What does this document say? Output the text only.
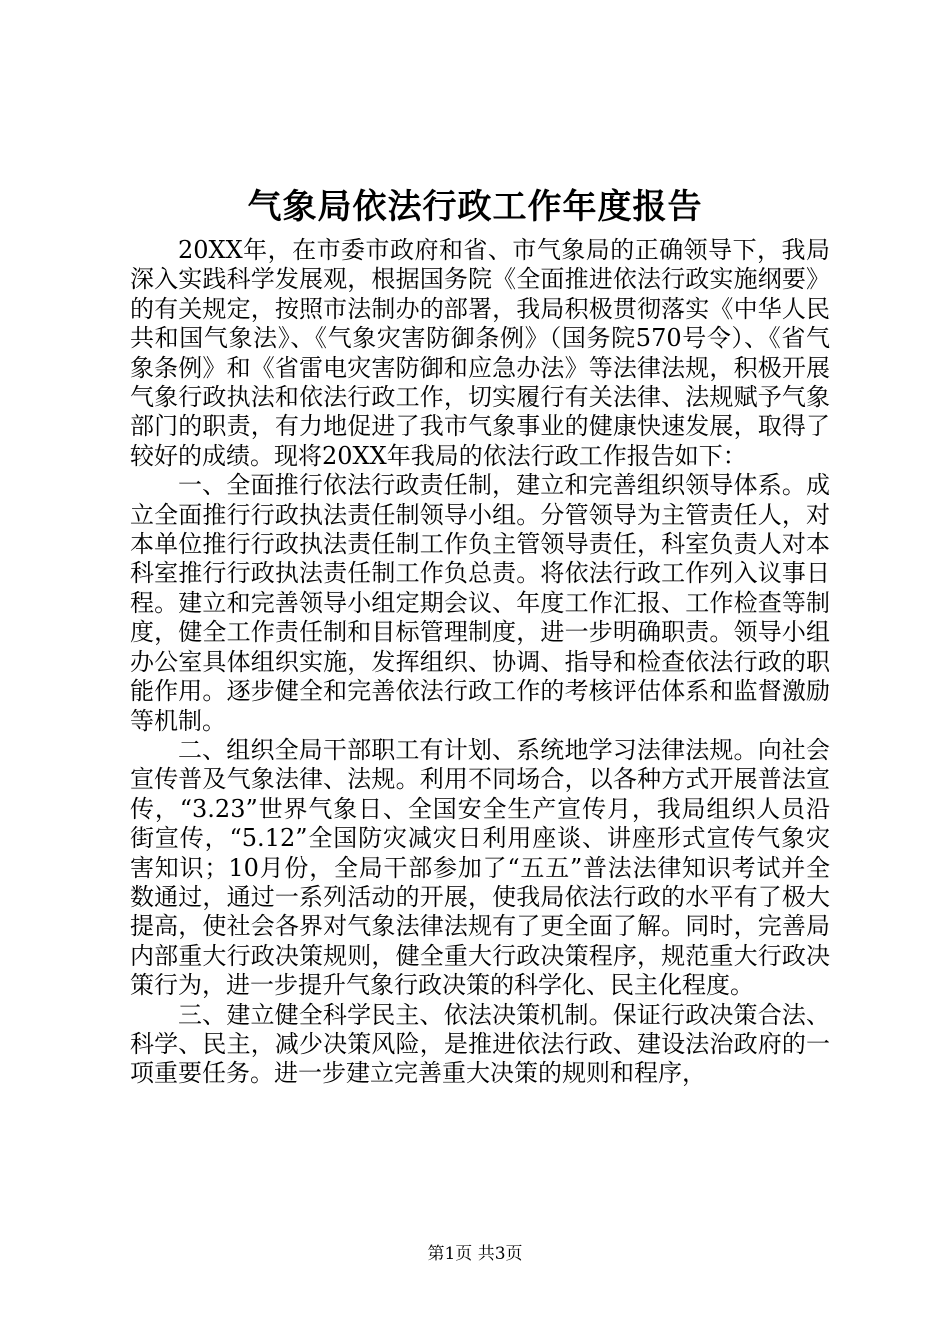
气象局依法行政工作年度报告

20XX年，在市委市政府和省、市气象局的正确领导下，我局深入实践科学发展观，根据国务院《全面推进依法行政实施纲要》的有关规定，按照市法制办的部署，我局积极贯彻落实《中华人民共和国气象法》、《气象灾害防御条例》（国务院570号令）、《省气象条例》和《省雷电灾害防御和应急办法》等法律法规，积极开展气象行政执法和依法行政工作，切实履行有关法律、法规赋予气象部门的职责，有力地促进了我市气象事业的健康快速发展，取得了较好的成绩。现将20XX年我局的依法行政工作报告如下：

一、全面推行依法行政责任制，建立和完善组织领导体系。成立全面推行行政执法责任制领导小组。分管领导为主管责任人，对本单位推行行政执法责任制工作负主管领导责任，科室负责人对本科室推行行政执法责任制工作负总责。将依法行政工作列入议事日程。建立和完善领导小组定期会议、年度工作汇报、工作检查等制度，健全工作责任制和目标管理制度，进一步明确职责。领导小组办公室具体组织实施，发挥组织、协调、指导和检查依法行政的职能作用。逐步健全和完善依法行政工作的考核评估体系和监督激励等机制。

二、组织全局干部职工有计划、系统地学习法律法规。向社会宣传普及气象法律、法规。利用不同场合，以各种方式开展普法宣传，“3.23”世界气象日、全国安全生产宣传月，我局组织人员沿街宣传，“5.12”全国防灾减灾日利用座谈、讲座形式宣传气象灾害知识；10月份，全局干部参加了“五五”普法法律知识考试并全数通过，通过一系列活动的开展，使我局依法行政的水平有了极大提高，使社会各界对气象法律法规有了更全面了解。同时，完善局内部重大行政决策规则，健全重大行政决策程序，规范重大行政决策行为，进一步提升气象行政决策的科学化、民主化程度。

三、建立健全科学民主、依法决策机制。保证行政决策合法、科学、民主，减少决策风险，是推进依法行政、建设法治政府的一项重要任务。进一步建立完善重大决策的规则和程序，

第1页 共3页
